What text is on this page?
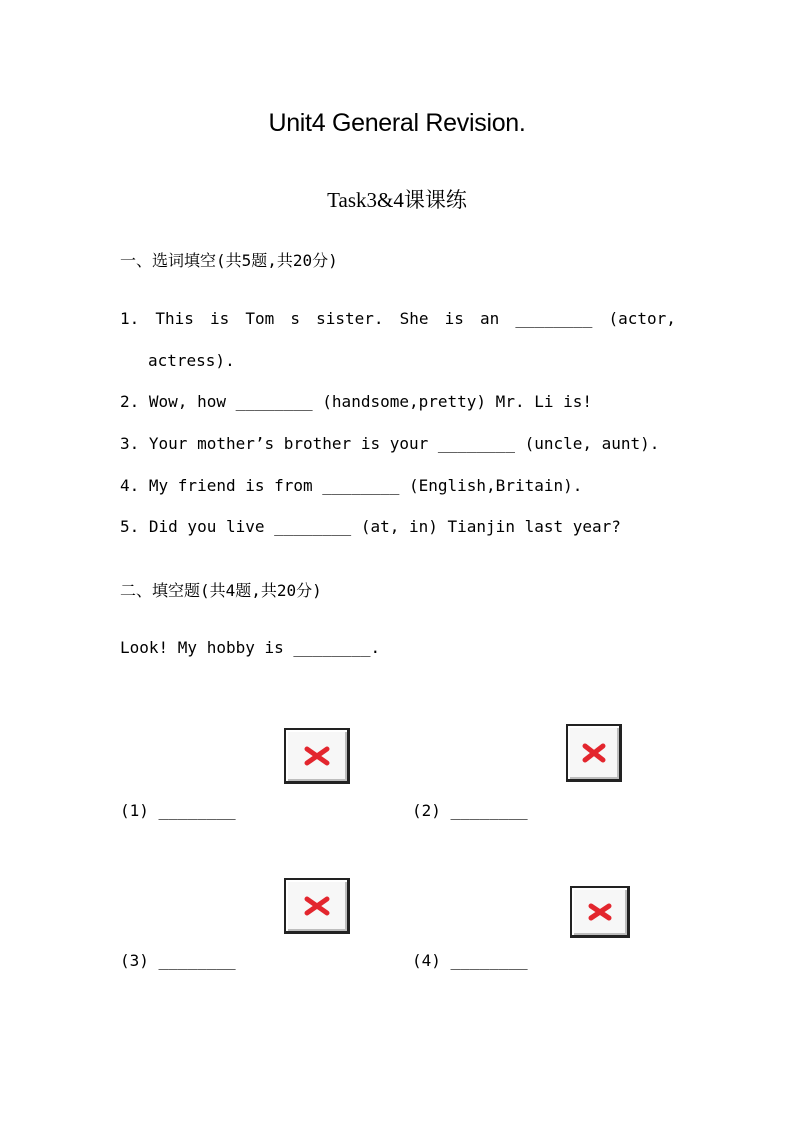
Unit4 General Revision.
Task3&4课课练
一、选词填空(共5题,共20分)
1. This is Tom s sister. She is an ________ (actor,
actress).
2. Wow, how ________ (handsome,pretty) Mr. Li is!
3. Your mother’s brother is your ________ (uncle, aunt).
4. My friend is from ________ (English,Britain).
5. Did you live ________ (at, in) Tianjin last year?
二、填空题(共4题,共20分)
Look! My hobby is ________.
(1) ________	(2) ________
(3) ________	(4) ________
